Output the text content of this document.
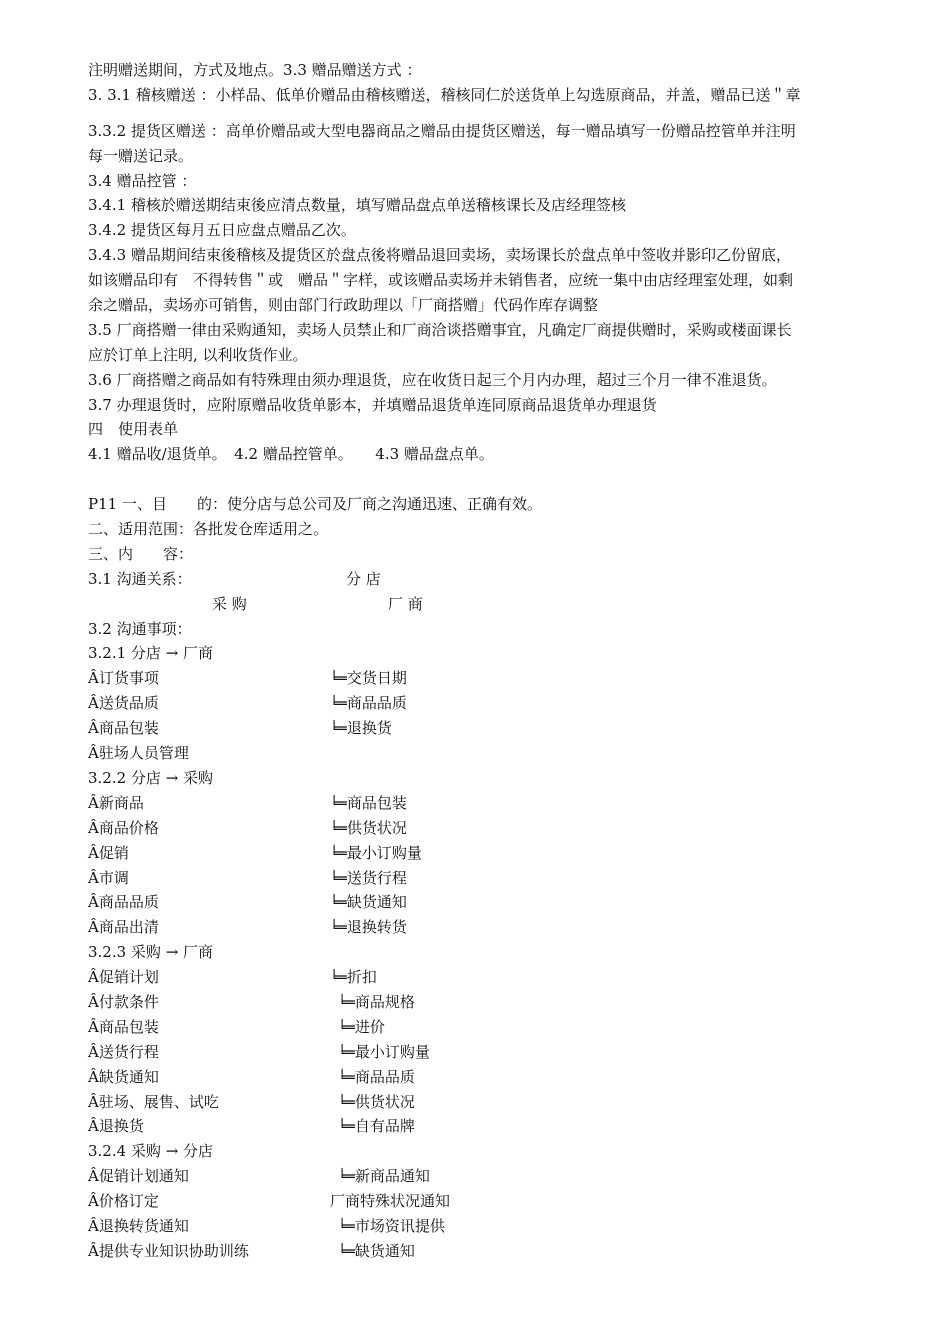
注明赠送期间，方式及地点。3.3 赠品赠送方式 ：
3. 3.1 稽核赠送 ：小样品、低单价赠品由稽核赠送，稽核同仁於送货单上勾选原商品，并盖，赠品已送＂章
3.3.2 提货区赠送 ：高单价赠品或大型电器商品之赠品由提货区赠送，每一赠品填写一份赠品控管单并注明
每一赠送记录。
3.4 赠品控管 ：
3.4.1 稽核於赠送期结束後应清点数量，填写赠品盘点单送稽核课长及店经理签核
3.4.2 提货区每月五日应盘点赠品乙次。
3.4.3 赠品期间结束後稽核及提货区於盘点後将赠品退回卖场，卖场课长於盘点单中签收并影印乙份留底，
如该赠品印有　不得转售＂或　赠品＂字样，或该赠品卖场并未销售者，应统一集中由店经理室处理，如剩
余之赠品，卖场亦可销售，则由部门行政助理以「厂商搭赠」代码作库存调整
3.5 厂商搭赠一律由采购通知，卖场人员禁止和厂商洽谈搭赠事宜，凡确定厂商提供赠时，采购或楼面课长
应於订单上注明, 以利收货作业。
3.6 厂商搭赠之商品如有特殊理由须办理退货，应在收货日起三个月内办理，超过三个月一律不准退货。
3.7 办理退货时，应附原赠品收货单影本，并填赠品退货单连同原商品退货单办理退货
四　使用表单
4.1 赠品收/退货单。　4.2 赠品控管单。　　4.3 赠品盘点单。
P11 一、目　　的：使分店与总公司及厂商之沟通迅速、正确有效。
二、适用范围：各批发仓库适用之。
三、内　　容：
3.1 沟通关系：	分 店
采 购	厂 商
3.2 沟通事项：
3.2.1 分店 → 厂商
Â订货事项	╘═交货日期
Â送货品质	╘═商品品质
Â商品包装	╘═退换货
Â驻场人员管理
3.2.2 分店 → 采购
Â新商品	╘═商品包装
Â商品价格	╘═供货状况
Â促销	╘═最小订购量
Â市调	╘═送货行程
Â商品品质	╘═缺货通知
Â商品出清	╘═退换转货
3.2.3 采购 → 厂商
Â促销计划	╘═折扣
Â付款条件	╘═商品规格
Â商品包装	╘═进价
Â送货行程	╘═最小订购量
Â缺货通知	╘═商品品质
Â驻场、展售、试吃	╘═供货状况
Â退换货	╘═自有品牌
3.2.4 采购 → 分店
Â促销计划通知	╘═新商品通知
Â价格订定	厂商特殊状况通知
Â退换转货通知	╘═市场资讯提供
Â提供专业知识协助训练	╘═缺货通知
